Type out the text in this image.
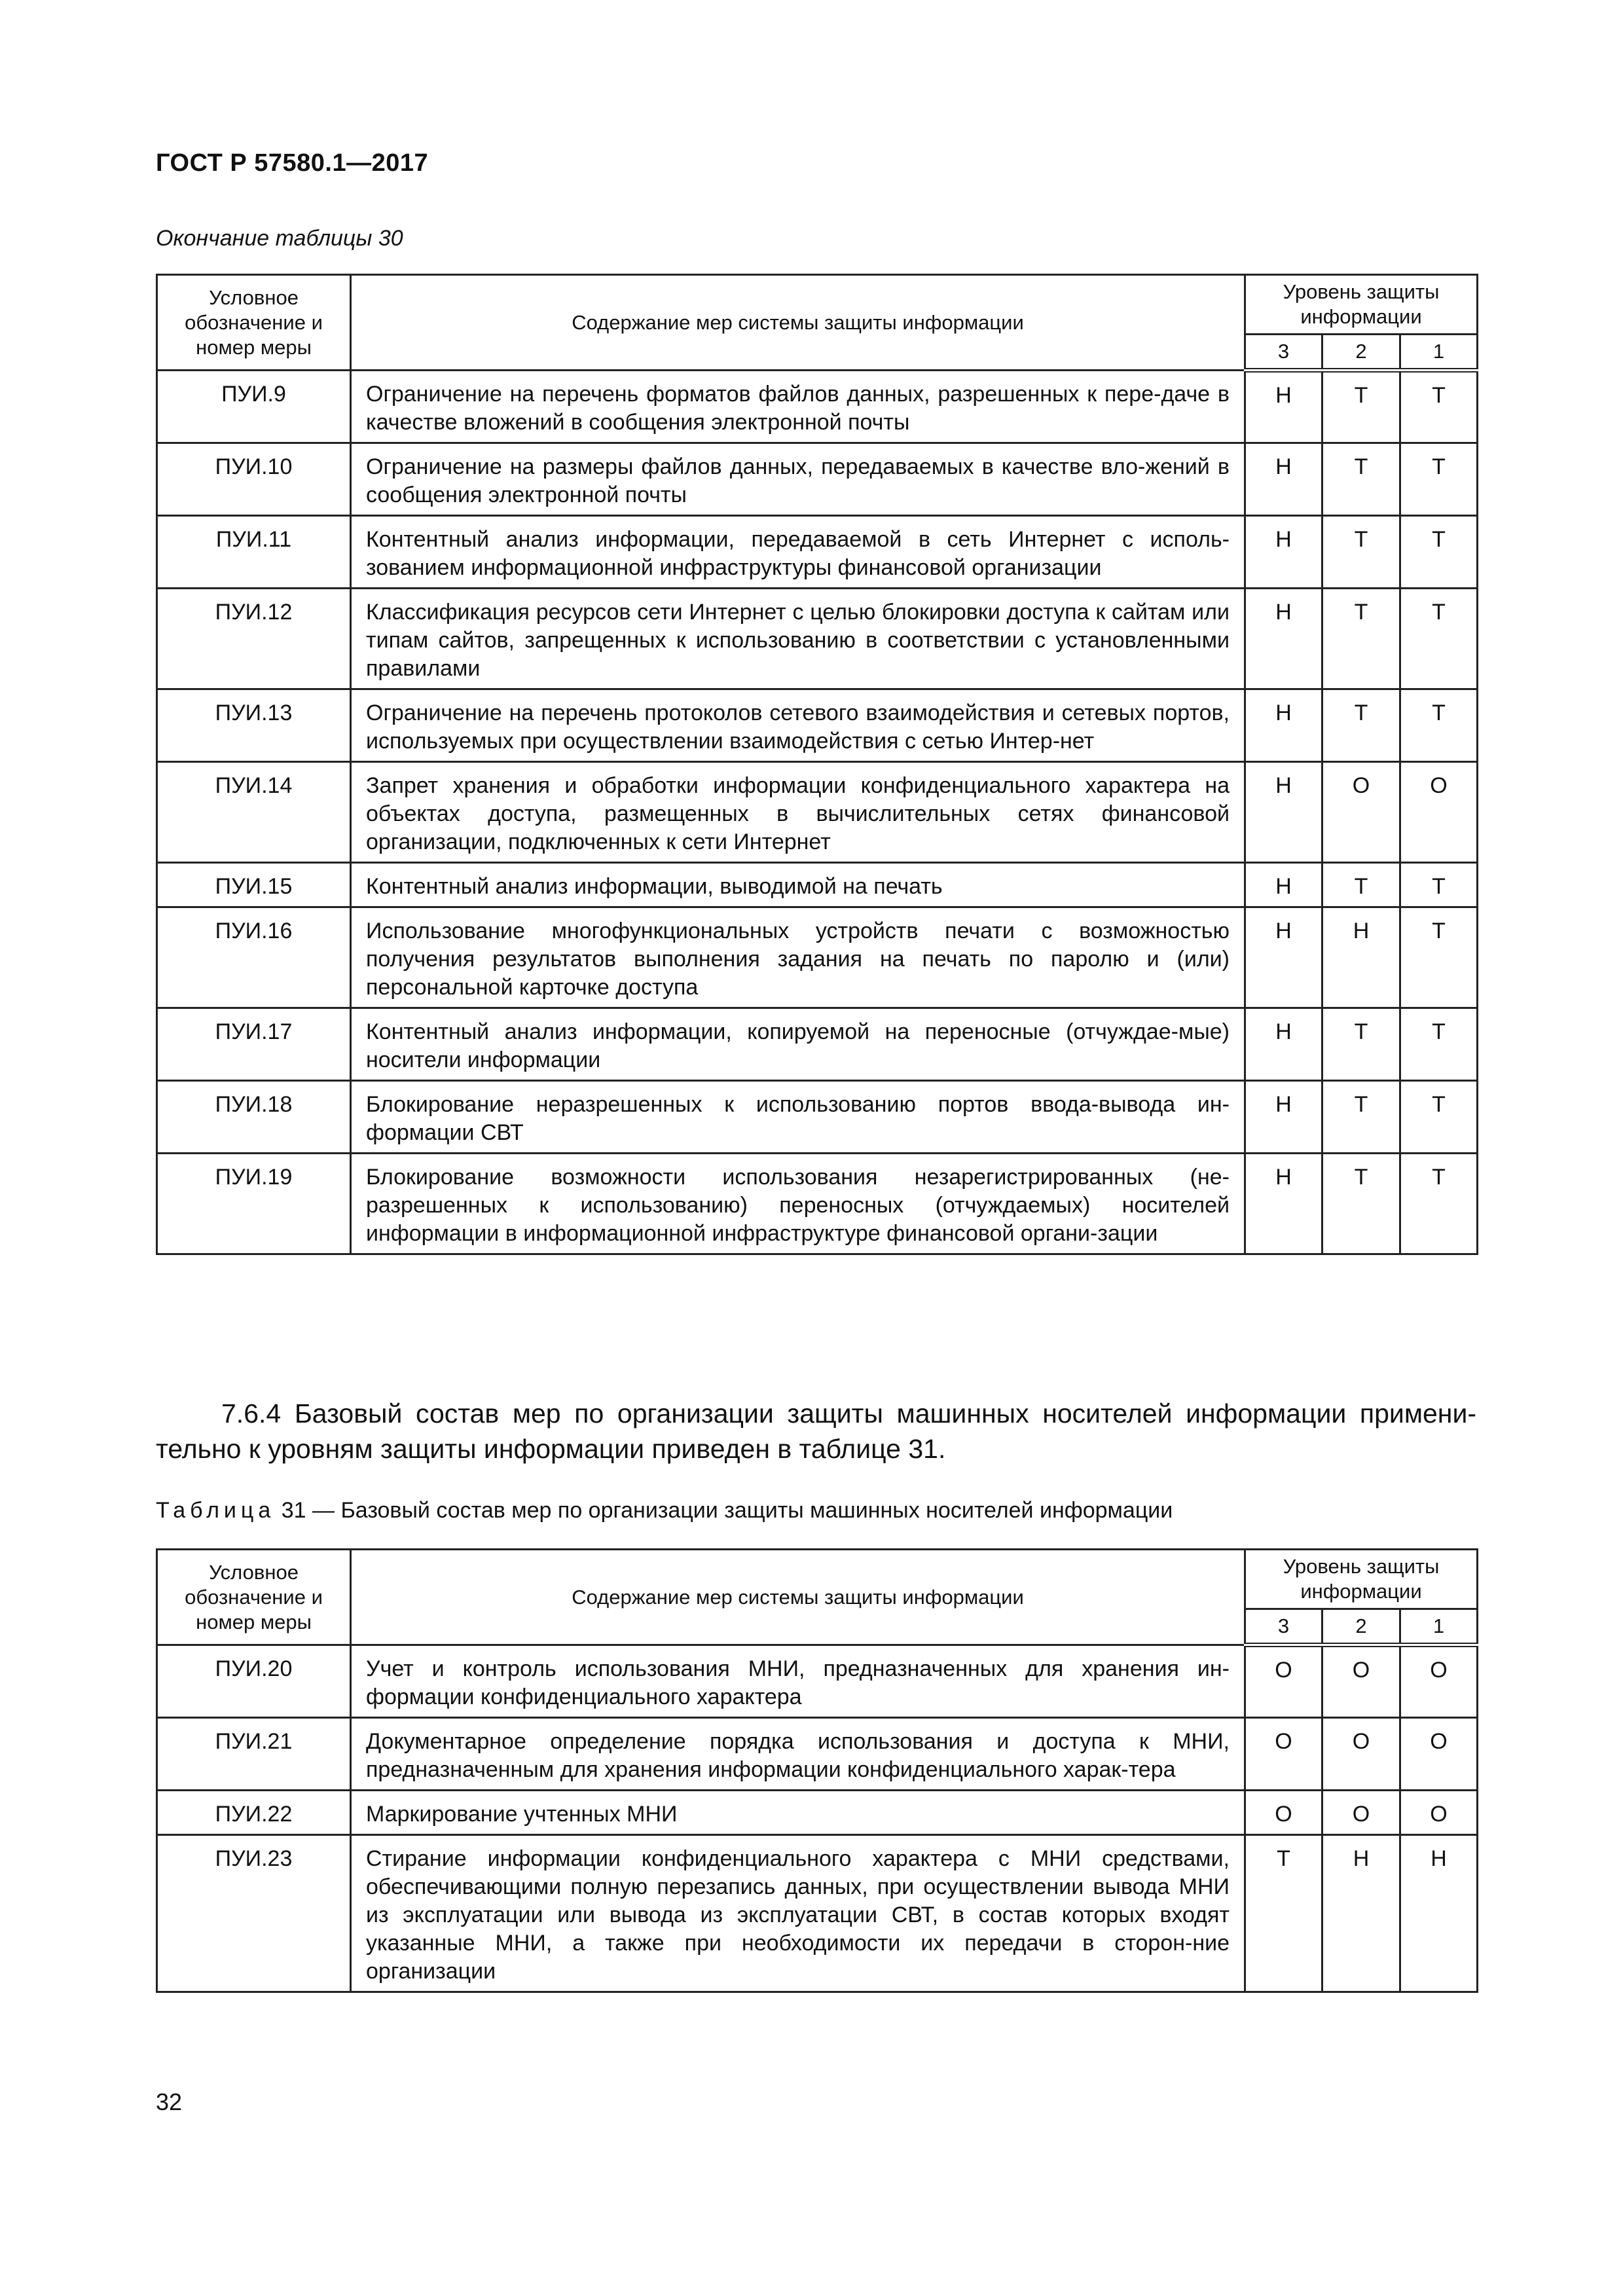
ГОСТ Р 57580.1—2017
Окончание таблицы 30
Условное обозначение и номер меры	Содержание мер системы защиты информации	Уровень защиты информации		
		3	2	1
ПУИ.9	Ограничение на перечень форматов файлов данных, разрешенных к пере-даче в качестве вложений в сообщения электронной почты	Н	Т	Т
ПУИ.10	Ограничение на размеры файлов данных, передаваемых в качестве вло-жений в сообщения электронной почты	Н	Т	Т
ПУИ.11	Контентный анализ информации, передаваемой в сеть Интернет с исполь-зованием информационной инфраструктуры финансовой организации	Н	Т	Т
ПУИ.12	Классификация ресурсов сети Интернет с целью блокировки доступа к сайтам или типам сайтов, запрещенных к использованию в соответствии с установленными правилами	Н	Т	Т
ПУИ.13	Ограничение на перечень протоколов сетевого взаимодействия и сетевых портов, используемых при осуществлении взаимодействия с сетью Интер-нет	Н	Т	Т
ПУИ.14	Запрет хранения и обработки информации конфиденциального характера на объектах доступа, размещенных в вычислительных сетях финансовой организации, подключенных к сети Интернет	Н	О	О
ПУИ.15	Контентный анализ информации, выводимой на печать	Н	Т	Т
ПУИ.16	Использование многофункциональных устройств печати с возможностью получения результатов выполнения задания на печать по паролю и (или) персональной карточке доступа	Н	Н	Т
ПУИ.17	Контентный анализ информации, копируемой на переносные (отчуждае-мые) носители информации	Н	Т	Т
ПУИ.18	Блокирование неразрешенных к использованию портов ввода-вывода ин-формации СВТ	Н	Т	Т
ПУИ.19	Блокирование возможности использования незарегистрированных (не-разрешенных к использованию) переносных (отчуждаемых) носителей информации в информационной инфраструктуре финансовой органи-зации	Н	Т	Т
7.6.4 Базовый состав мер по организации защиты машинных носителей информации примени-тельно к уровням защиты информации приведен в таблице 31.
Таблица 31 — Базовый состав мер по организации защиты машинных носителей информации
Условное обозначение и номер меры	Содержание мер системы защиты информации	Уровень защиты информации		
		3	2	1
ПУИ.20	Учет и контроль использования МНИ, предназначенных для хранения ин-формации конфиденциального характера	О	О	О
ПУИ.21	Документарное определение порядка использования и доступа к МНИ, предназначенным для хранения информации конфиденциального харак-тера	О	О	О
ПУИ.22	Маркирование учтенных МНИ	О	О	О
ПУИ.23	Стирание информации конфиденциального характера с МНИ средствами, обеспечивающими полную перезапись данных, при осуществлении вывода МНИ из эксплуатации или вывода из эксплуатации СВТ, в состав которых входят указанные МНИ, а также при необходимости их передачи в сторон-ние организации	Т	Н	Н
32
